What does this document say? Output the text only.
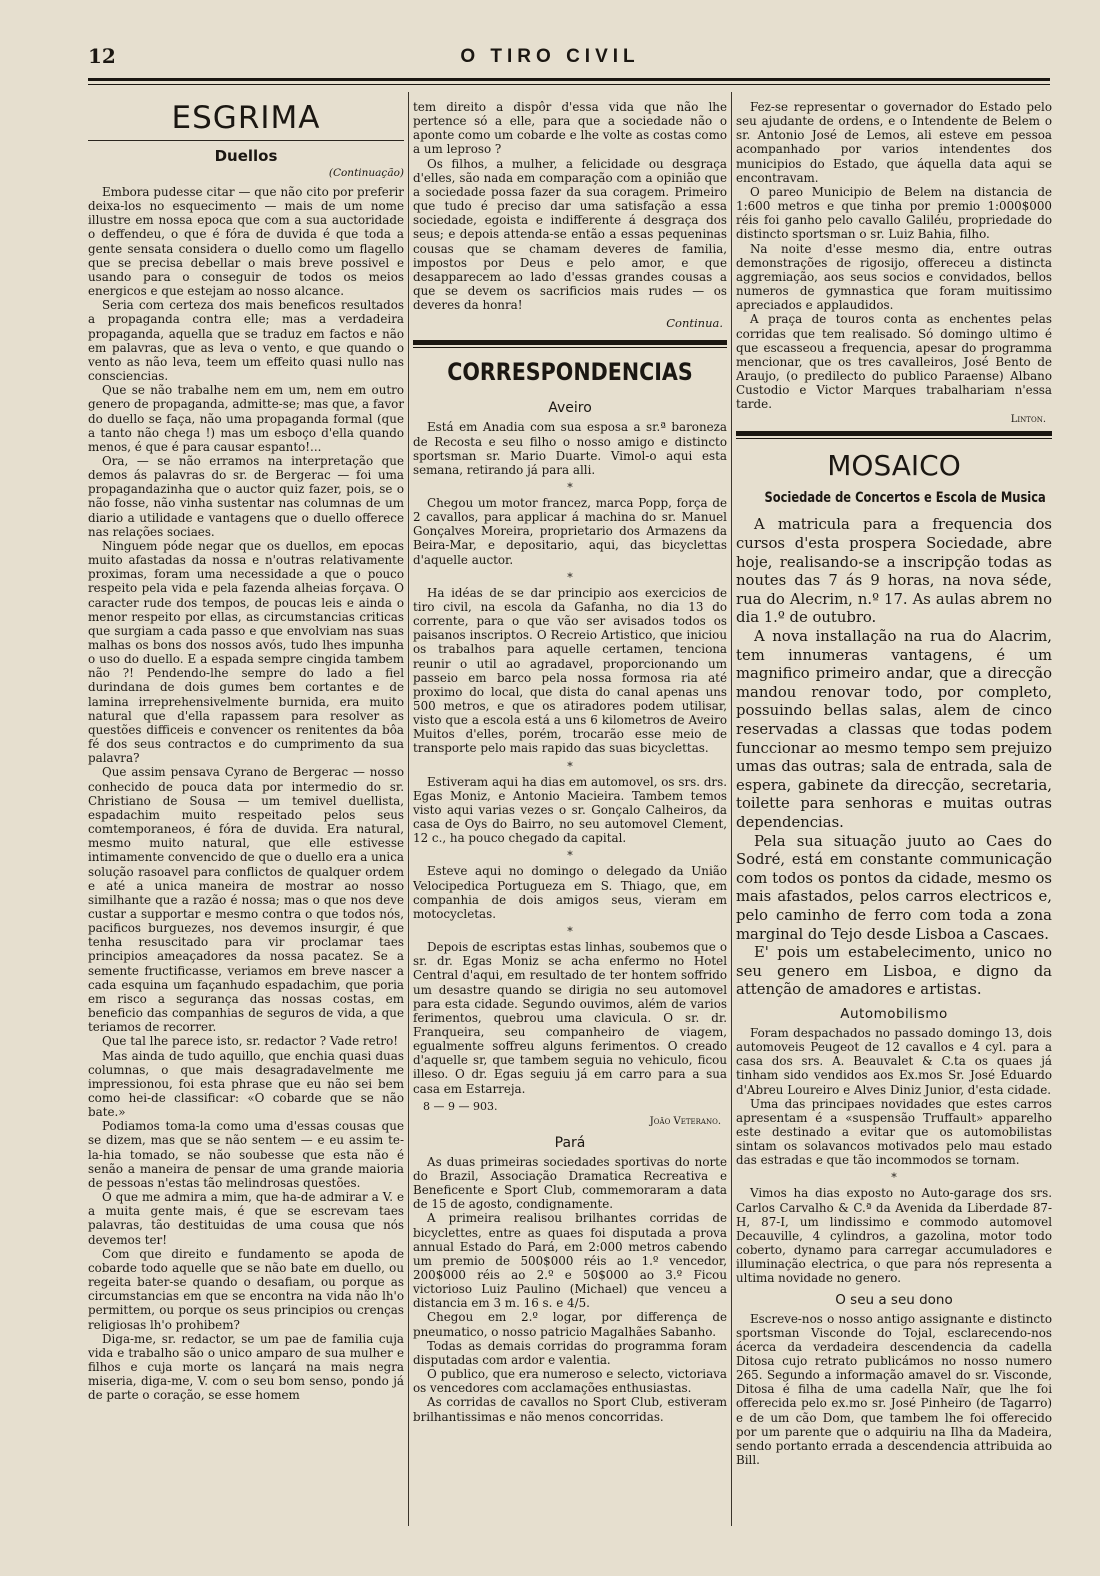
12	O TIRO CIVIL
ESGRIMA
Duellos
(Continuação)

Embora pudesse citar — que não cito por preferir deixa-los no esquecimento — mais de um nome illustre em nossa epoca que com a sua auctoridade o deffendeu, o que é fóra de duvida é que toda a gente sensata considera o duello como um flagello que se precisa debellar o mais breve possivel e usando para o conseguir de todos os meios energicos e que estejam ao nosso alcance.

Seria com certeza dos mais beneficos resultados a propaganda contra elle; mas a verdadeira propaganda, aquella que se traduz em factos e não em palavras, que as leva o vento, e que quando o vento as não leva, teem um effeito quasi nullo nas consciencias.

Que se não trabalhe nem em um, nem em outro genero de propaganda, admitte-se; mas que, a favor do duello se faça, não uma propaganda formal (que a tanto não chega !) mas um esboço d'ella quando menos, é que é para causar espanto!...

Ora, — se não erramos na interpretação que demos ás palavras do sr. de Bergerac — foi uma propagandazinha que o auctor quiz fazer, pois, se o não fosse, não vinha sustentar nas columnas de um diario a utilidade e vantagens que o duello offerece nas relações sociaes.

Ninguem póde negar que os duellos, em epocas muito afastadas da nossa e n'outras relativamente proximas, foram uma necessidade a que o pouco respeito pela vida e pela fazenda alheias forçava. O caracter rude dos tempos, de poucas leis e ainda o menor respeito por ellas, as circumstancias criticas que surgiam a cada passo e que envolviam nas suas malhas os bons dos nossos avós, tudo lhes impunha o uso do duello. E a espada sempre cingida tambem não ?! Pendendo-lhe sempre do lado a fiel durindana de dois gumes bem cortantes e de lamina irreprehensivelmente burnida, era muito natural que d'ella rapassem para resolver as questões difficeis e convencer os renitentes da bôa fé dos seus contractos e do cumprimento da sua palavra?

Que assim pensava Cyrano de Bergerac — nosso conhecido de pouca data por intermedio do sr. Christiano de Sousa — um temivel duellista, espadachim muito respeitado pelos seus comtemporaneos, é fóra de duvida. Era natural, mesmo muito natural, que elle estivesse intimamente convencido de que o duello era a unica solução rasoavel para conflictos de qualquer ordem e até a unica maneira de mostrar ao nosso similhante que a razão é nossa; mas o que nos deve custar a supportar e mesmo contra o que todos nós, pacificos burguezes, nos devemos insurgir, é que tenha resuscitado para vir proclamar taes principios ameaçadores da nossa pacatez. Se a semente fructificasse, veriamos em breve nascer a cada esquina um façanhudo espadachim, que poria em risco a segurança das nossas costas, em beneficio das companhias de seguros de vida, a que teriamos de recorrer.

Que tal lhe parece isto, sr. redactor ? Vade retro!

Mas ainda de tudo aquillo, que enchia quasi duas columnas, o que mais desagradavelmente me impressionou, foi esta phrase que eu não sei bem como hei-de classificar: «O cobarde que se não bate.»

Podiamos toma-la como uma d'essas cousas que se dizem, mas que se não sentem — e eu assim te-la-hia tomado, se não soubesse que esta não é senão a maneira de pensar de uma grande maioria de pessoas n'estas tão melindrosas questões.

O que me admira a mim, que ha-de admirar a V. e a muita gente mais, é que se escrevam taes palavras, tão destituidas de uma cousa que nós devemos ter!

Com que direito e fundamento se apoda de cobarde todo aquelle que se não bate em duello, ou regeita bater-se quando o desafiam, ou porque as circumstancias em que se encontra na vida não lh'o permittem, ou porque os seus principios ou crenças religiosas lh'o prohibem?

Diga-me, sr. redactor, se um pae de familia cuja vida e trabalho são o unico amparo de sua mulher e filhos e cuja morte os lançará na mais negra miseria, diga-me, V. com o seu bom senso, pondo já de parte o coração, se esse homem

tem direito a dispôr d'essa vida que não lhe pertence só a elle, para que a sociedade não o aponte como um cobarde e lhe volte as costas como a um leproso ?

Os filhos, a mulher, a felicidade ou desgraça d'elles, são nada em comparação com a opinião que a sociedade possa fazer da sua coragem. Primeiro que tudo é preciso dar uma satisfação a essa sociedade, egoista e indifferente á desgraça dos seus; e depois attenda-se então a essas pequeninas cousas que se chamam deveres de familia, impostos por Deus e pelo amor, e que desapparecem ao lado d'essas grandes cousas a que se devem os sacrificios mais rudes — os deveres da honra!

Continua.
CORRESPONDENCIAS
Aveiro

Está em Anadia com sua esposa a sr.ª baroneza de Recosta e seu filho o nosso amigo e distincto sportsman sr. Mario Duarte. Vimol-o aqui esta semana, retirando já para alli.

*

Chegou um motor francez, marca Popp, força de 2 cavallos, para applicar á machina do sr. Manuel Gonçalves Moreira, proprietario dos Armazens da Beira-Mar, e depositario, aqui, das bicyclettas d'aquelle auctor.

*

Ha idéas de se dar principio aos exercicios de tiro civil, na escola da Gafanha, no dia 13 do corrente, para o que vão ser avisados todos os paisanos inscriptos. O Recreio Artistico, que iniciou os trabalhos para aquelle certamen, tenciona reunir o util ao agradavel, proporcionando um passeio em barco pela nossa formosa ria até proximo do local, que dista do canal apenas uns 500 metros, e que os atiradores podem utilisar, visto que a escola está a uns 6 kilometros de Aveiro Muitos d'elles, porém, trocarão esse meio de transporte pelo mais rapido das suas bicyclettas.

*

Estiveram aqui ha dias em automovel, os srs. drs. Egas Moniz, e Antonio Macieira. Tambem temos visto aqui varias vezes o sr. Gonçalo Calheiros, da casa de Oys do Bairro, no seu automovel Clement, 12 c., ha pouco chegado da capital.

*

Esteve aqui no domingo o delegado da União Velocipedica Portugueza em S. Thiago, que, em companhia de dois amigos seus, vieram em motocycletas.

*

Depois de escriptas estas linhas, soubemos que o sr. dr. Egas Moniz se acha enfermo no Hotel Central d'aqui, em resultado de ter hontem soffrido um desastre quando se dirigia no seu automovel para esta cidade. Segundo ouvimos, além de varios ferimentos, quebrou uma clavicula. O sr. dr. Franqueira, seu companheiro de viagem, egualmente soffreu alguns ferimentos. O creado d'aquelle sr, que tambem seguia no vehiculo, ficou illeso. O dr. Egas seguiu já em carro para a sua casa em Estarreja.

8 — 9 — 903.
João Veterano.
Pará

As duas primeiras sociedades sportivas do norte do Brazil, Associação Dramatica Recreativa e Beneficente e Sport Club, commemoraram a data de 15 de agosto, condignamente.

A primeira realisou brilhantes corridas de bicyclettes, entre as quaes foi disputada a prova annual Estado do Pará, em 2:000 metros cabendo um premio de 500$000 réis ao 1.º vencedor, 200$000 réis ao 2.º e 50$000 ao 3.º Ficou victorioso Luiz Paulino (Michael) que venceu a distancia em 3 m. 16 s. e 4/5.

Chegou em 2.º logar, por differença de pneumatico, o nosso patricio Magalhães Sabanho.

Todas as demais corridas do programma foram disputadas com ardor e valentia.

O publico, que era numeroso e selecto, victoriava os vencedores com acclamações enthusiastas.

As corridas de cavallos no Sport Club, estiveram brilhantissimas e não menos concorridas.

Fez-se representar o governador do Estado pelo seu ajudante de ordens, e o Intendente de Belem o sr. Antonio José de Lemos, ali esteve em pessoa acompanhado por varios intendentes dos municipios do Estado, que áquella data aqui se encontravam.

O pareo Municipio de Belem na distancia de 1:600 metros e que tinha por premio 1:000$000 réis foi ganho pelo cavallo Galiléu, propriedade do distincto sportsman o sr. Luiz Bahia, filho.

Na noite d'esse mesmo dia, entre outras demonstrações de rigosijo, offereceu a distincta aggremiação, aos seus socios e convidados, bellos numeros de gymnastica que foram muitissimo apreciados e applaudidos.

A praça de touros conta as enchentes pelas corridas que tem realisado. Só domingo ultimo é que escasseou a frequencia, apesar do programma mencionar, que os tres cavalleiros, José Bento de Araujo, (o predilecto do publico Paraense) Albano Custodio e Victor Marques trabalhariam n'essa tarde.

Linton.
MOSAICO
Sociedade de Concertos e Escola de Musica

A matricula para a frequencia dos cursos d'esta prospera Sociedade, abre hoje, realisando-se a inscripção todas as noutes das 7 ás 9 horas, na nova séde, rua do Alecrim, n.º 17. As aulas abrem no dia 1.º de outubro.

A nova installação na rua do Alacrim, tem innumeras vantagens, é um magnifico primeiro andar, que a direcção mandou renovar todo, por completo, possuindo bellas salas, alem de cinco reservadas a classas que todas podem funccionar ao mesmo tempo sem prejuizo umas das outras; sala de entrada, sala de espera, gabinete da direcção, secretaria, toilette para senhoras e muitas outras dependencias.

Pela sua situação juuto ao Caes do Sodré, está em constante communicação com todos os pontos da cidade, mesmo os mais afastados, pelos carros electricos e, pelo caminho de ferro com toda a zona marginal do Tejo desde Lisboa a Cascaes.

E' pois um estabelecimento, unico no seu genero em Lisboa, e digno da attenção de amadores e artistas.

Automobilismo

Foram despachados no passado domingo 13, dois automoveis Peugeot de 12 cavallos e 4 cyl. para a casa dos srs. A. Beauvalet & C.ta os quaes já tinham sido vendidos aos Ex.mos Sr. José Eduardo d'Abreu Loureiro e Alves Diniz Junior, d'esta cidade.

Uma das principaes novidades que estes carros apresentam é a «suspensão Truffault» apparelho este destinado a evitar que os automobilistas sintam os solavancos motivados pelo mau estado das estradas e que tão incommodos se tornam.

*

Vimos ha dias exposto no Auto-garage dos srs. Carlos Carvalho & C.ª da Avenida da Liberdade 87-H, 87-I, um lindissimo e commodo automovel Decauville, 4 cylindros, a gazolina, motor todo coberto, dynamo para carregar accumuladores e illuminação electrica, o que para nós representa a ultima novidade no genero.

O seu a seu dono

Escreve-nos o nosso antigo assignante e distincto sportsman Visconde do Tojal, esclarecendo-nos ácerca da verdadeira descendencia da cadella Ditosa cujo retrato publicámos no nosso numero 265. Segundo a informação amavel do sr. Visconde, Ditosa é filha de uma cadella Naïr, que lhe foi offerecida pelo ex.mo sr. José Pinheiro (de Tagarro) e de um cão Dom, que tambem lhe foi offerecido por um parente que o adquiriu na Ilha da Madeira, sendo portanto errada a descendencia attribuida ao Bill.
